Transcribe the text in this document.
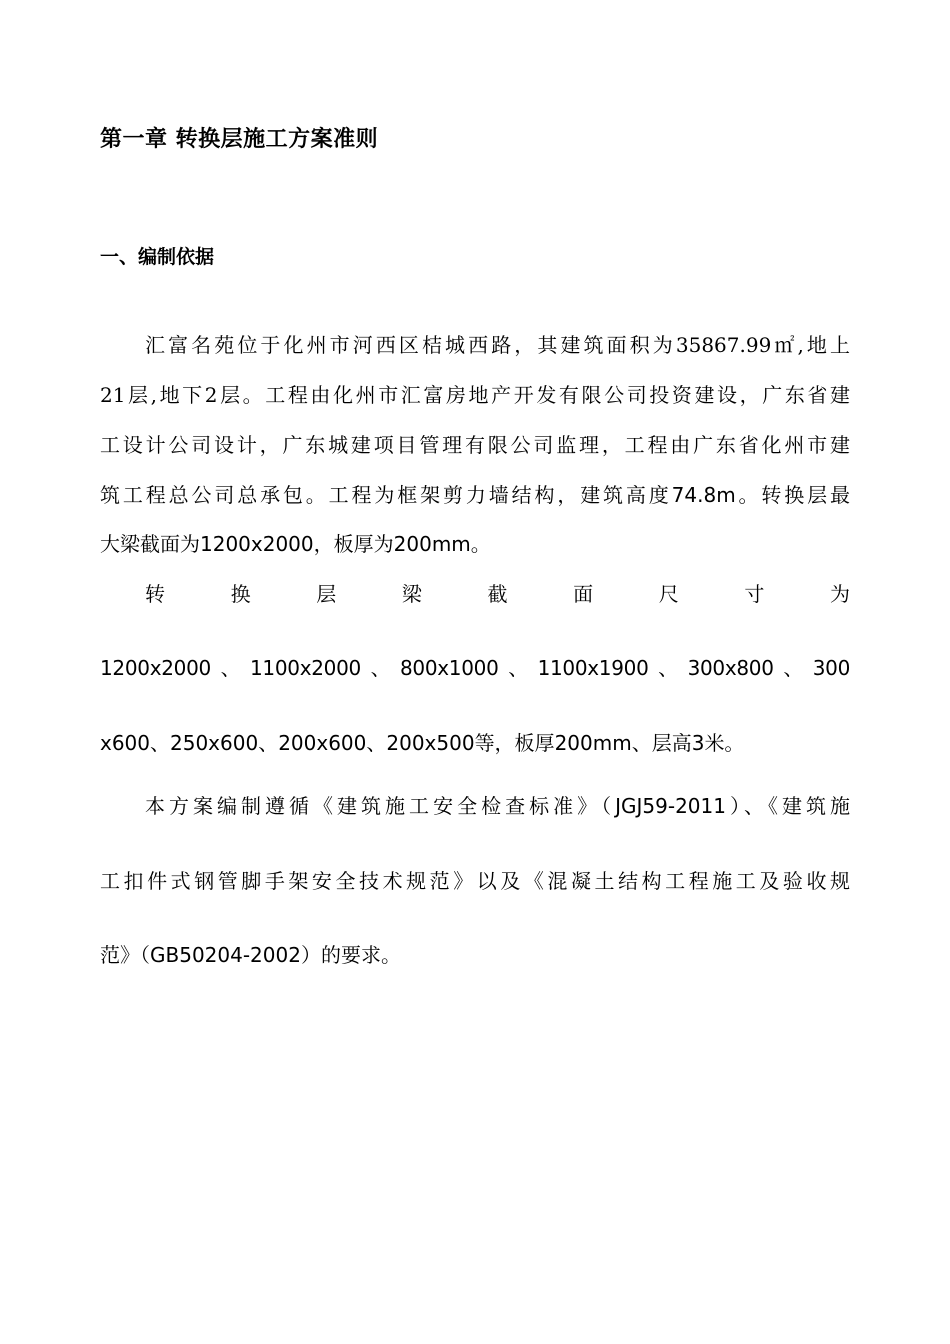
第一章 转换层施工方案准则
一、编制依据
汇富名苑位于化州市河西区桔城西路，其建筑面积为35867.99㎡,地上
21层,地下2层。工程由化州市汇富房地产开发有限公司投资建设，广东省建
工设计公司设计，广东城建项目管理有限公司监理，工程由广东省化州市建
筑工程总公司总承包。工程为框架剪力墙结构，建筑高度74.8m。转换层最
大梁截面为1200x2000，板厚为200mm。
转	换	层	梁	截	面	尺	寸	为
1200x2000、1100x2000、800x1000、1100x1900、300x800、300
x600、250x600、200x600、200x500等，板厚200mm、层高3米。
本方案编制遵循《建筑施工安全检查标准》（JGJ59-2011）、《建筑施
工扣件式钢管脚手架安全技术规范》以及《混凝土结构工程施工及验收规
范》（GB50204-2002）的要求。
